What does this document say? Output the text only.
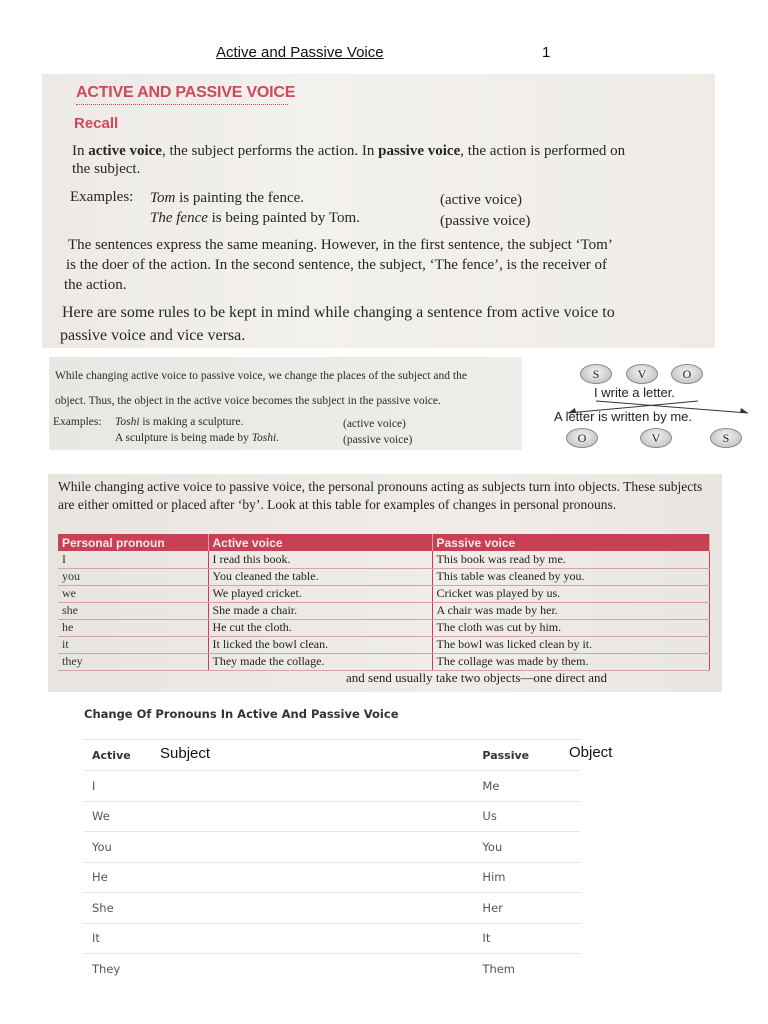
Active and Passive Voice	1
ACTIVE AND PASSIVE VOICE
Recall
In active voice, the subject performs the action. In passive voice, the action is performed on
the subject.
Examples: Tom is painting the fence.	(active voice)
The fence is being painted by Tom.	(passive voice)
The sentences express the same meaning. However, in the first sentence, the subject ‘Tom’
is the doer of the action. In the second sentence, the subject, ‘The fence’, is the receiver of
the action.
Here are some rules to be kept in mind while changing a sentence from active voice to
passive voice and vice versa.
While changing active voice to passive voice, we change the places of the subject and the
object. Thus, the object in the active voice becomes the subject in the passive voice.
Examples: Toshi is making a sculpture.	(active voice)
A sculpture is being made by Toshi.	(passive voice)
S	V	O
I write a letter.
A letter is written by me.
O	V	S
While changing active voice to passive voice, the personal pronouns acting as subjects turn into objects. These subjects are either omitted or placed after ‘by’. Look at this table for examples of changes in personal pronouns.
Personal pronoun	Active voice	Passive voice
I	I read this book.	This book was read by me.
you	You cleaned the table.	This table was cleaned by you.
we	We played cricket.	Cricket was played by us.
she	She made a chair.	A chair was made by her.
he	He cut the cloth.	The cloth was cut by him.
it	It licked the bowl clean.	The bowl was licked clean by it.
they	They made the collage.	The collage was made by them.
and send usually take two objects—one direct and
Change Of Pronouns In Active And Passive Voice
Active	Passive
I	Me
We	Us
You	You
He	Him
She	Her
It	It
They	Them
Subject	Object
